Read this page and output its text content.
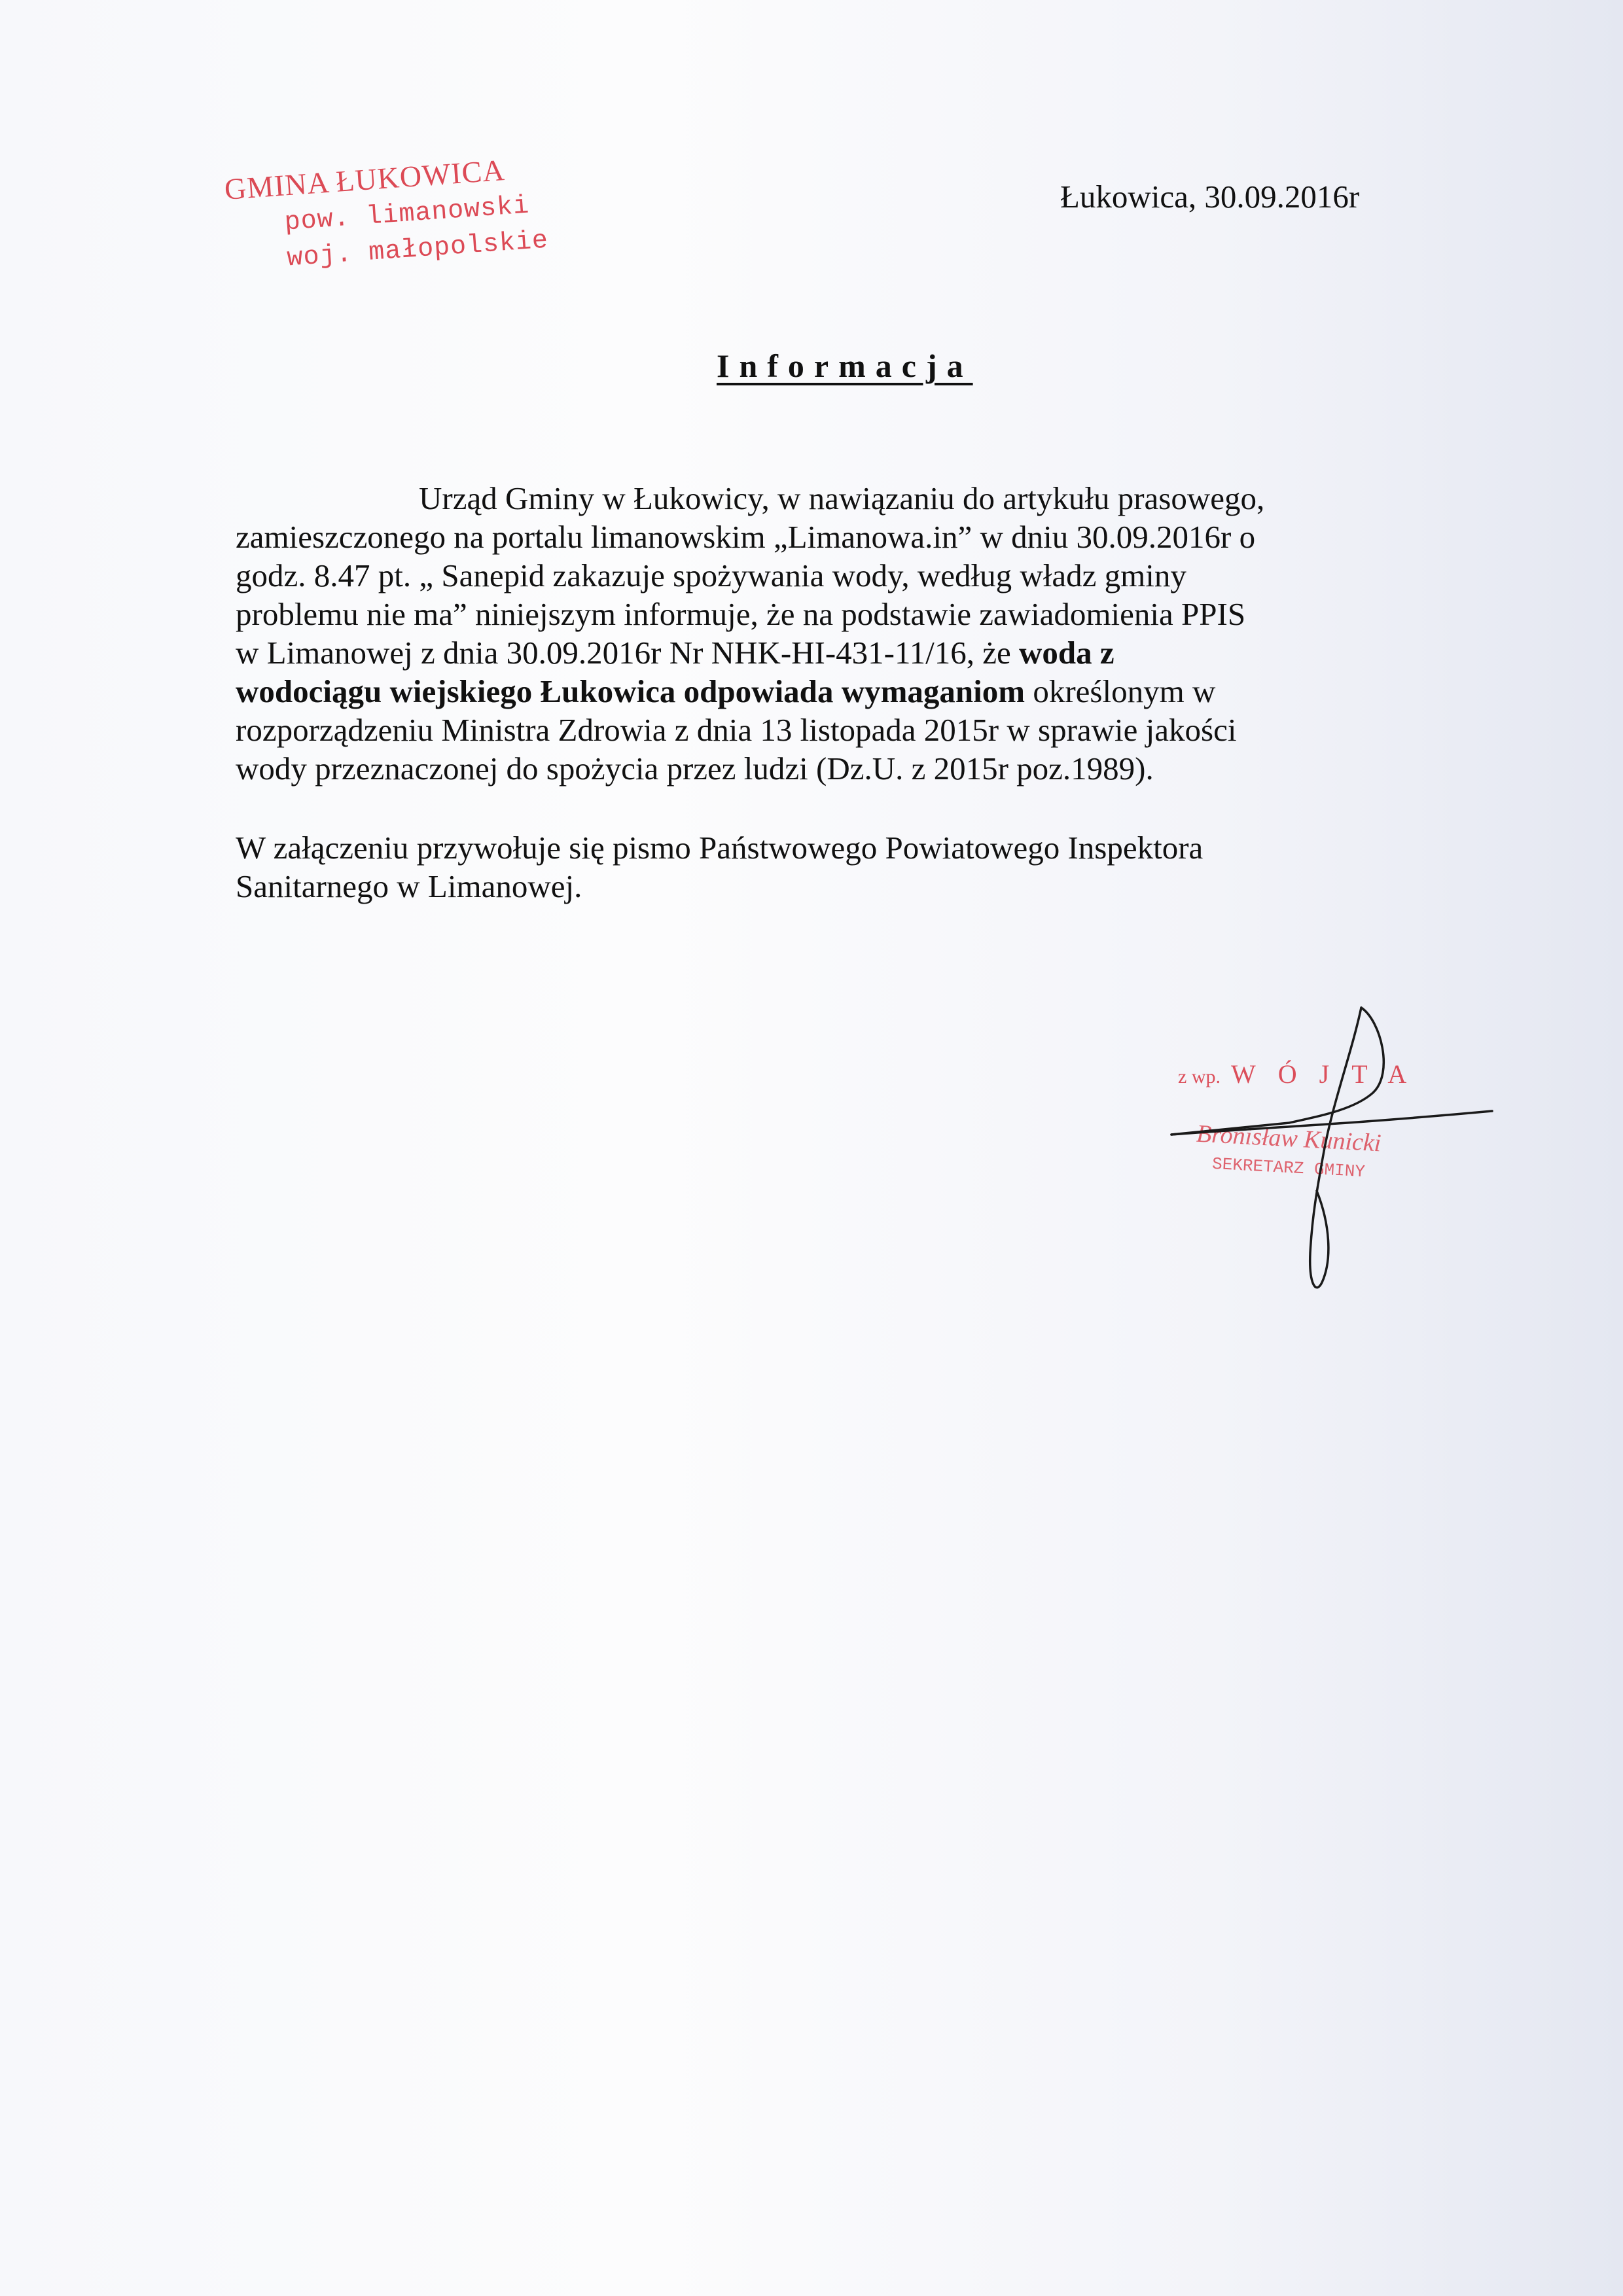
GMINA ŁUKOWICA
pow. limanowski
woj. małopolskie
Łukowica, 30.09.2016r
Informacja

Urząd Gminy w Łukowicy, w nawiązaniu do artykułu prasowego,
zamieszczonego na portalu limanowskim „Limanowa.in” w dniu 30.09.2016r o
godz. 8.47 pt. „ Sanepid zakazuje spożywania wody, według władz gminy
problemu nie ma” niniejszym informuje, że na podstawie zawiadomienia PPIS
w Limanowej z dnia 30.09.2016r Nr NHK-HI-431-11/16, że woda z
wodociągu wiejskiego Łukowica odpowiada wymaganiom określonym w
rozporządzeniu Ministra Zdrowia z dnia 13 listopada 2015r w sprawie jakości
wody przeznaczonej do spożycia przez ludzi (Dz.U. z 2015r poz.1989).

W załączeniu przywołuje się pismo Państwowego Powiatowego Inspektora
Sanitarnego w Limanowej.

z wp. WÓJTA
Bronisław Kunicki
SEKRETARZ GMINY
